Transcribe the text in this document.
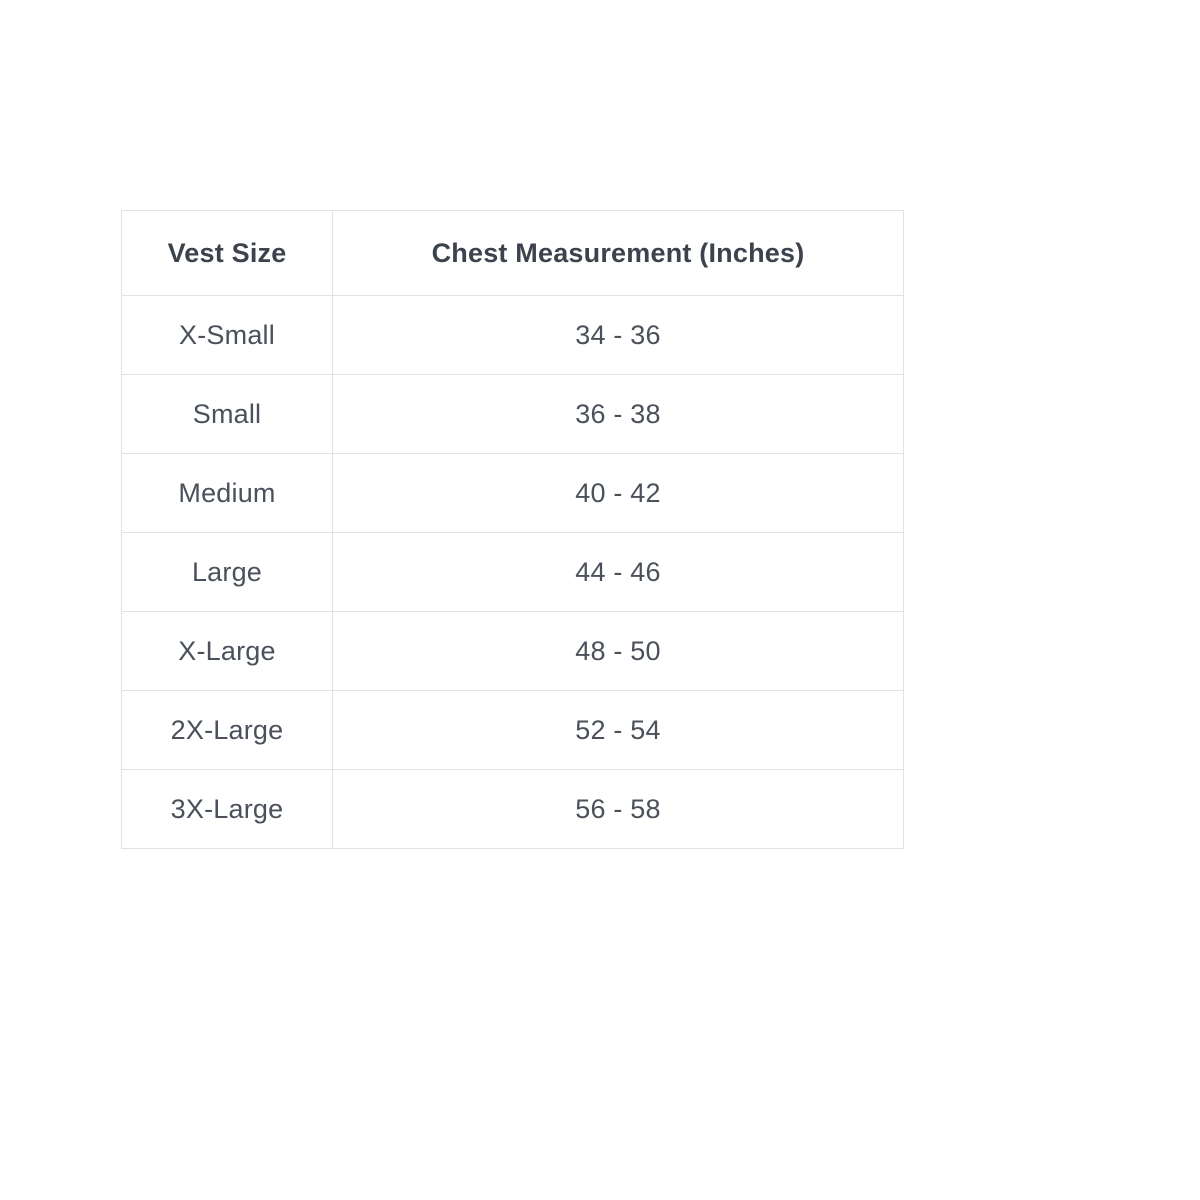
Vest Size	Chest Measurement (Inches)
X-Small	34 - 36
Small	36 - 38
Medium	40 - 42
Large	44 - 46
X-Large	48 - 50
2X-Large	52 - 54
3X-Large	56 - 58
